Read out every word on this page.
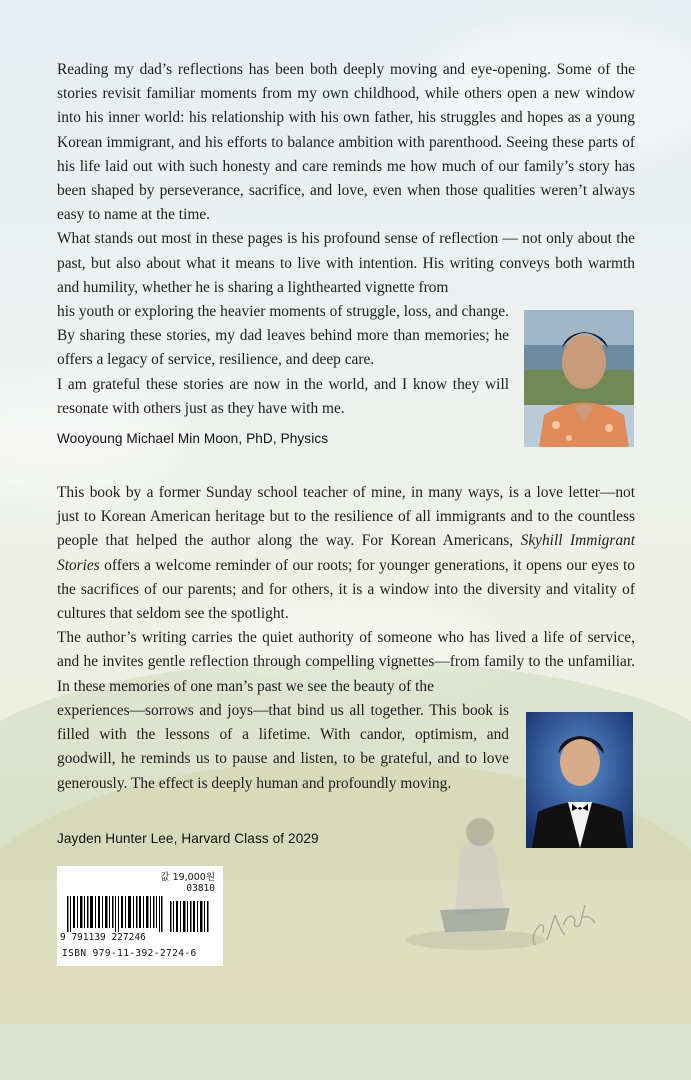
Reading my dad’s reflections has been both deeply moving and eye-opening. Some of the stories revisit familiar moments from my own childhood, while others open a new window into his inner world: his relationship with his own father, his struggles and hopes as a young Korean immigrant, and his efforts to balance ambition with parenthood. Seeing these parts of his life laid out with such honesty and care reminds me how much of our family’s story has been shaped by perseverance, sacrifice, and love, even when those qualities weren’t always easy to name at the time.

What stands out most in these pages is his profound sense of reflection — not only about the past, but also about what it means to live with intention. His writing conveys both warmth and humility, whether he is sharing a lighthearted vignette from

his youth or exploring the heavier moments of struggle, loss, and change. By sharing these stories, my dad leaves behind more than memories; he offers a legacy of service, resilience, and deep care.

I am grateful these stories are now in the world, and I know they will resonate with others just as they have with me.

Wooyoung Michael Min Moon, PhD, Physics

This book by a former Sunday school teacher of mine, in many ways, is a love letter—not just to Korean American heritage but to the resilience of all immigrants and to the countless people that helped the author along the way. For Korean Americans, Skyhill Immigrant Stories offers a welcome reminder of our roots; for younger generations, it opens our eyes to the sacrifices of our parents; and for others, it is a window into the diversity and vitality of cultures that seldom see the spotlight.

The author’s writing carries the quiet authority of someone who has lived a life of service, and he invites gentle reflection through compelling vignettes—from family to the unfamiliar. In these memories of one man’s past we see the beauty of the

experiences—sorrows and joys—that bind us all together. This book is filled with the lessons of a lifetime. With candor, optimism, and goodwill, he reminds us to pause and listen, to be grateful, and to love generously. The effect is deeply human and profoundly moving.

Jayden Hunter Lee, Harvard Class of 2029
값 19,000원
03810
9 791139 227246
ISBN 979-11-392-2724-6
